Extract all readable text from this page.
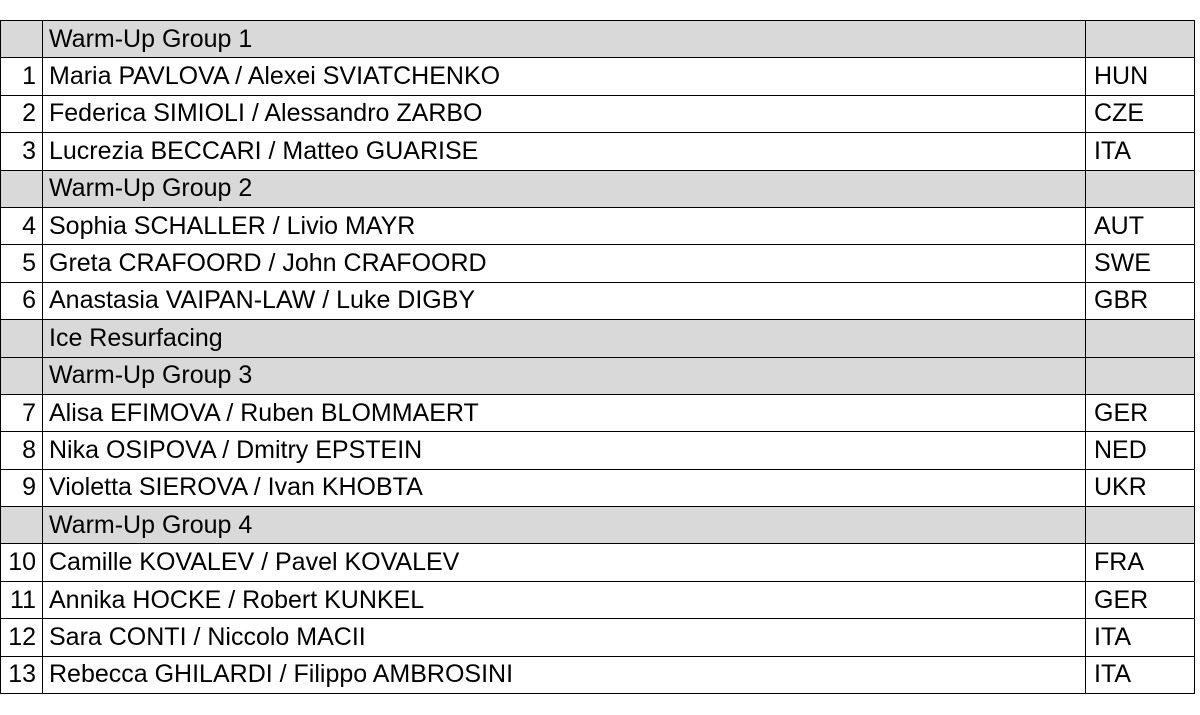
	Warm-Up Group 1	
1	Maria PAVLOVA / Alexei SVIATCHENKO	HUN
2	Federica SIMIOLI / Alessandro ZARBO	CZE
3	Lucrezia BECCARI / Matteo GUARISE	ITA
	Warm-Up Group 2	
4	Sophia SCHALLER / Livio MAYR	AUT
5	Greta CRAFOORD / John CRAFOORD	SWE
6	Anastasia VAIPAN-LAW / Luke DIGBY	GBR
	Ice Resurfacing	
	Warm-Up Group 3	
7	Alisa EFIMOVA / Ruben BLOMMAERT	GER
8	Nika OSIPOVA / Dmitry EPSTEIN	NED
9	Violetta SIEROVA / Ivan KHOBTA	UKR
	Warm-Up Group 4	
10	Camille KOVALEV / Pavel KOVALEV	FRA
11	Annika HOCKE / Robert KUNKEL	GER
12	Sara CONTI / Niccolo MACII	ITA
13	Rebecca GHILARDI / Filippo AMBROSINI	ITA
